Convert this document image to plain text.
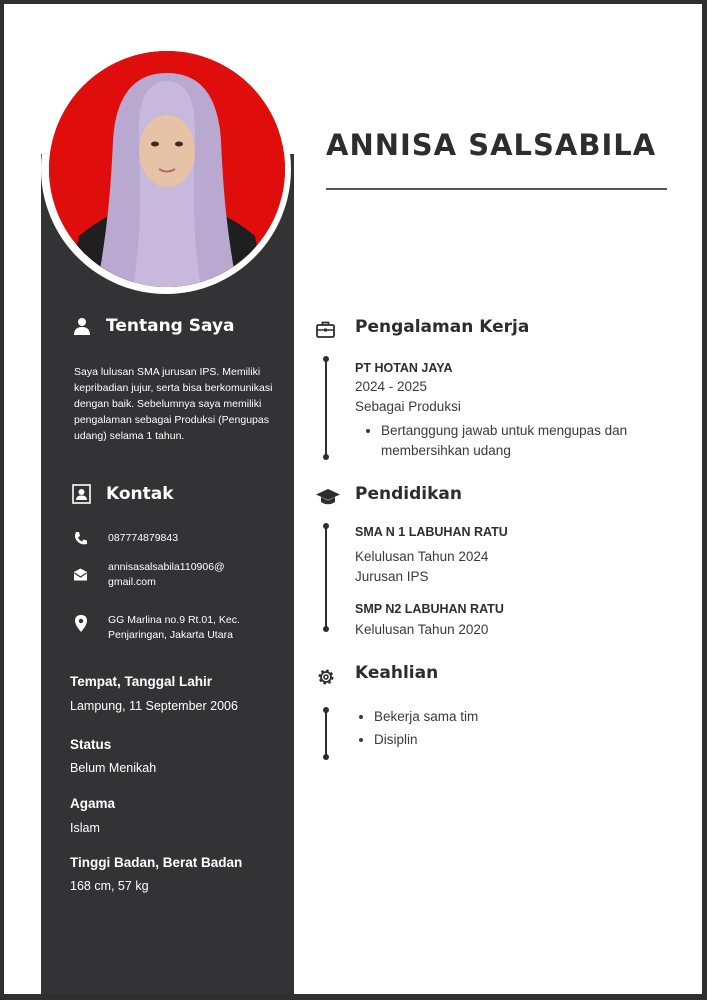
ANNISA SALSABILA
Tentang Saya

Saya lulusan SMA jurusan IPS. Memiliki kepribadian jujur, serta bisa berkomunikasi dengan baik. Sebelumnya saya memiliki pengalaman sebagai Produksi (Pengupas udang) selama 1 tahun.

Kontak

087774879843

annisasalsabila110906@ gmail.com

GG Marlina no.9 Rt.01, Kec. Penjaringan, Jakarta Utara

Tempat, Tanggal Lahir

Lampung, 11 September 2006

Status

Belum Menikah

Agama

Islam

Tinggi Badan, Berat Badan

168 cm, 57 kg

Pengalaman Kerja

PT HOTAN JAYA

2024 - 2025

Sebagai Produksi

• Bertanggung jawab untuk mengupas dan membersihkan udang
Pendidikan

SMA N 1 LABUHAN RATU

Kelulusan Tahun 2024

Jurusan IPS

SMP N2 LABUHAN RATU

Kelulusan Tahun 2020

Keahlian
• Bekerja sama tim
• Disiplin
